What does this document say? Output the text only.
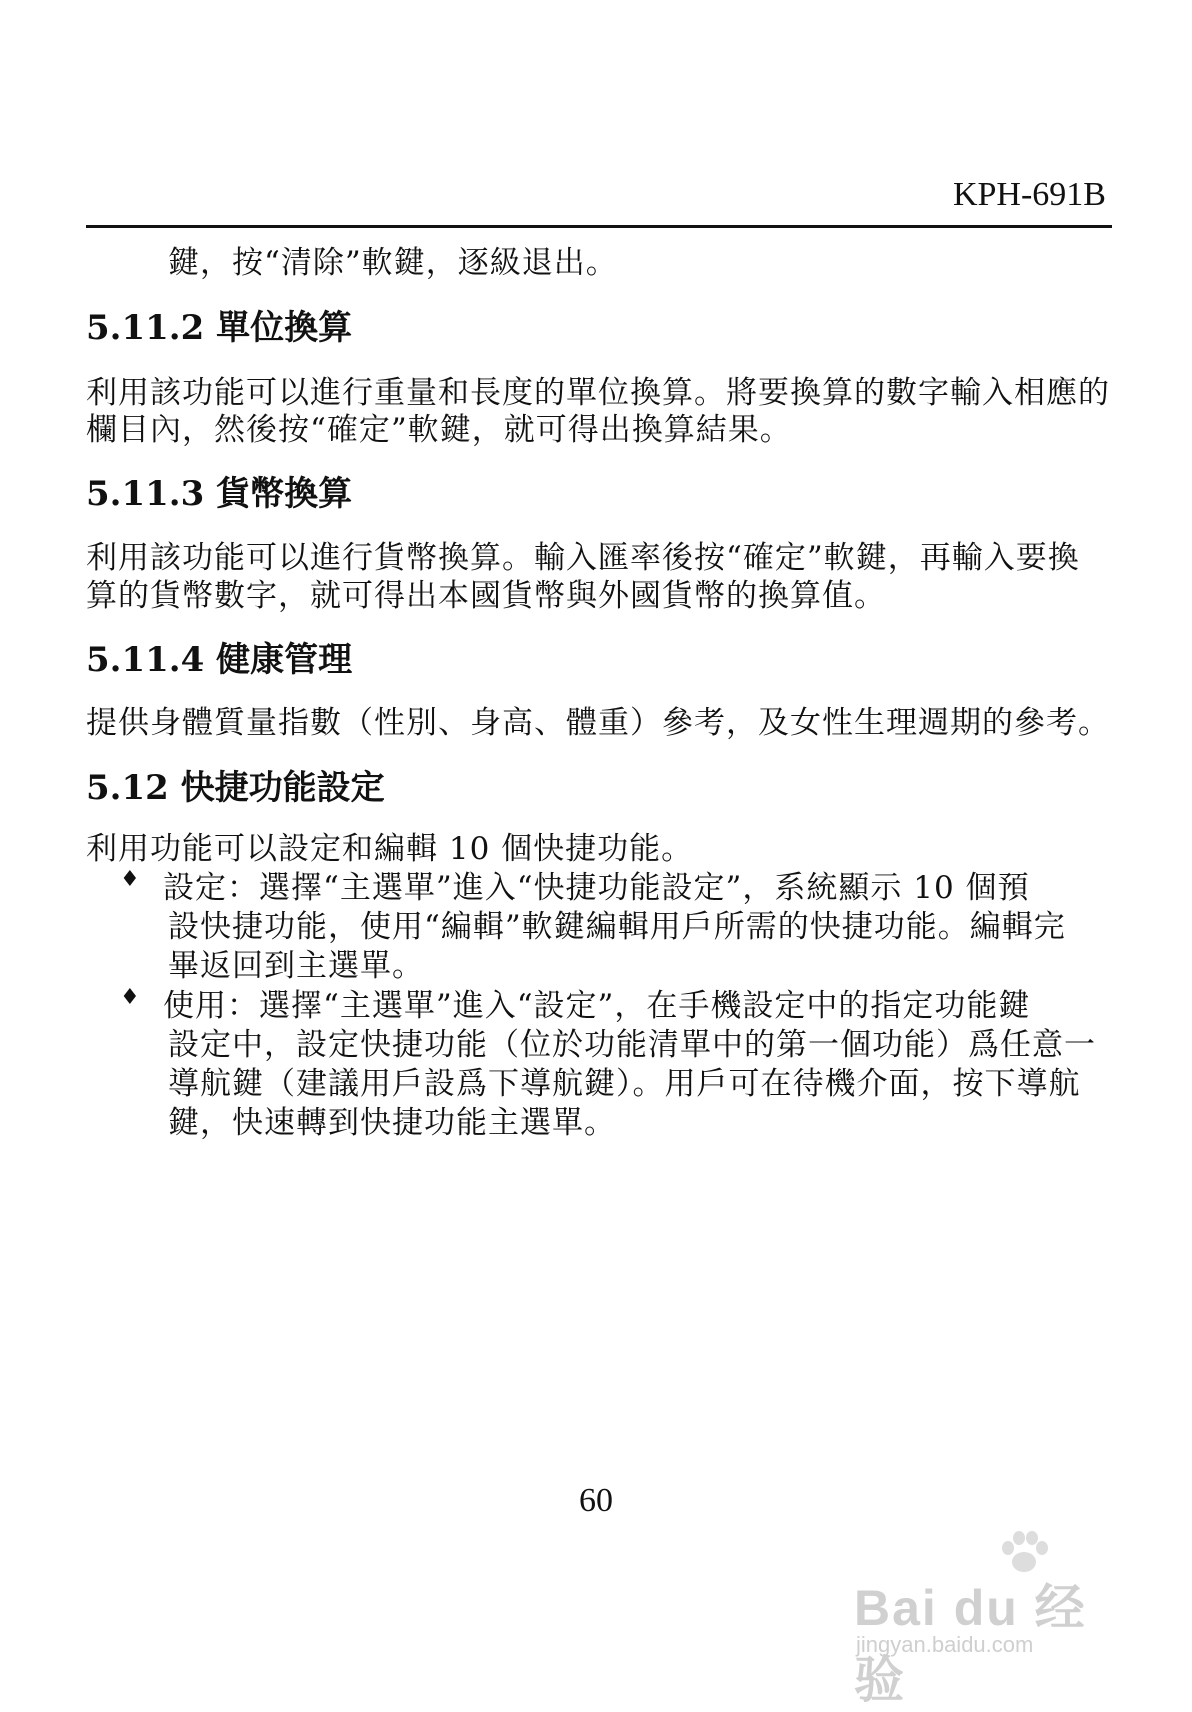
KPH-691B
鍵，按“清除”軟鍵，逐級退出。
5.11.2 單位換算
利用該功能可以進行重量和長度的單位換算。將要換算的數字輸入相應的
欄目內，然後按“確定”軟鍵，就可得出換算結果。
5.11.3 貨幣換算
利用該功能可以進行貨幣換算。輸入匯率後按“確定”軟鍵，再輸入要換
算的貨幣數字，就可得出本國貨幣與外國貨幣的換算值。
5.11.4 健康管理
提供身體質量指數（性別、身高、體重）參考，及女性生理週期的參考。
5.12 快捷功能設定
利用功能可以設定和編輯 10 個快捷功能。
♦ 設定：選擇“主選單”進入“快捷功能設定”，系統顯示 10 個預
設快捷功能，使用“編輯”軟鍵編輯用戶所需的快捷功能。編輯完
畢返回到主選單。
♦ 使用：選擇“主選單”進入“設定”，在手機設定中的指定功能鍵
設定中，設定快捷功能（位於功能清單中的第一個功能）爲任意一
導航鍵（建議用戶設爲下導航鍵）。用戶可在待機介面，按下導航
鍵，快速轉到快捷功能主選單。
60
Bai du 经验
jingyan.baidu.com
